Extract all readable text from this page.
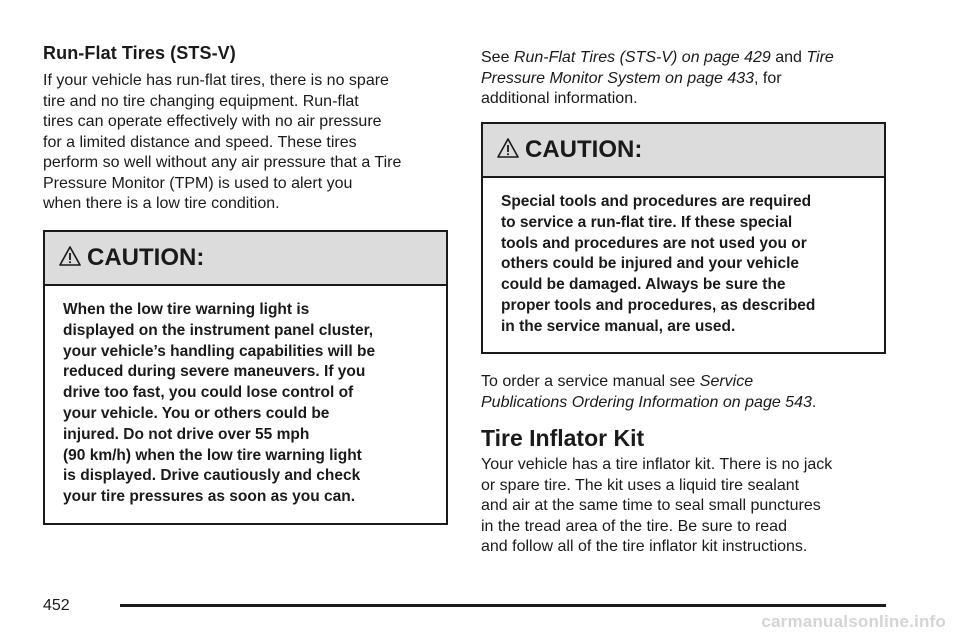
Run-Flat Tires (STS-V)

If your vehicle has run-flat tires, there is no spare

tire and no tire changing equipment. Run-flat

tires can operate effectively with no air pressure

for a limited distance and speed. These tires

perform so well without any air pressure that a Tire

Pressure Monitor (TPM) is used to alert you

when there is a low tire condition.

CAUTION:
When the low tire warning light is
displayed on the instrument panel cluster,
your vehicle’s handling capabilities will be
reduced during severe maneuvers. If you
drive too fast, you could lose control of
your vehicle. You or others could be
injured. Do not drive over 55 mph
(90 km/h) when the low tire warning light
is displayed. Drive cautiously and check
your tire pressures as soon as you can.

See Run-Flat Tires (STS-V) on page 429 and Tire

Pressure Monitor System on page 433, for

additional information.

CAUTION:
Special tools and procedures are required
to service a run-flat tire. If these special
tools and procedures are not used you or
others could be injured and your vehicle
could be damaged. Always be sure the
proper tools and procedures, as described
in the service manual, are used.

To order a service manual see Service

Publications Ordering Information on page 543.

Tire Inflator Kit

Your vehicle has a tire inflator kit. There is no jack

or spare tire. The kit uses a liquid tire sealant

and air at the same time to seal small punctures

in the tread area of the tire. Be sure to read

and follow all of the tire inflator kit instructions.

452
carmanualsonline.info
